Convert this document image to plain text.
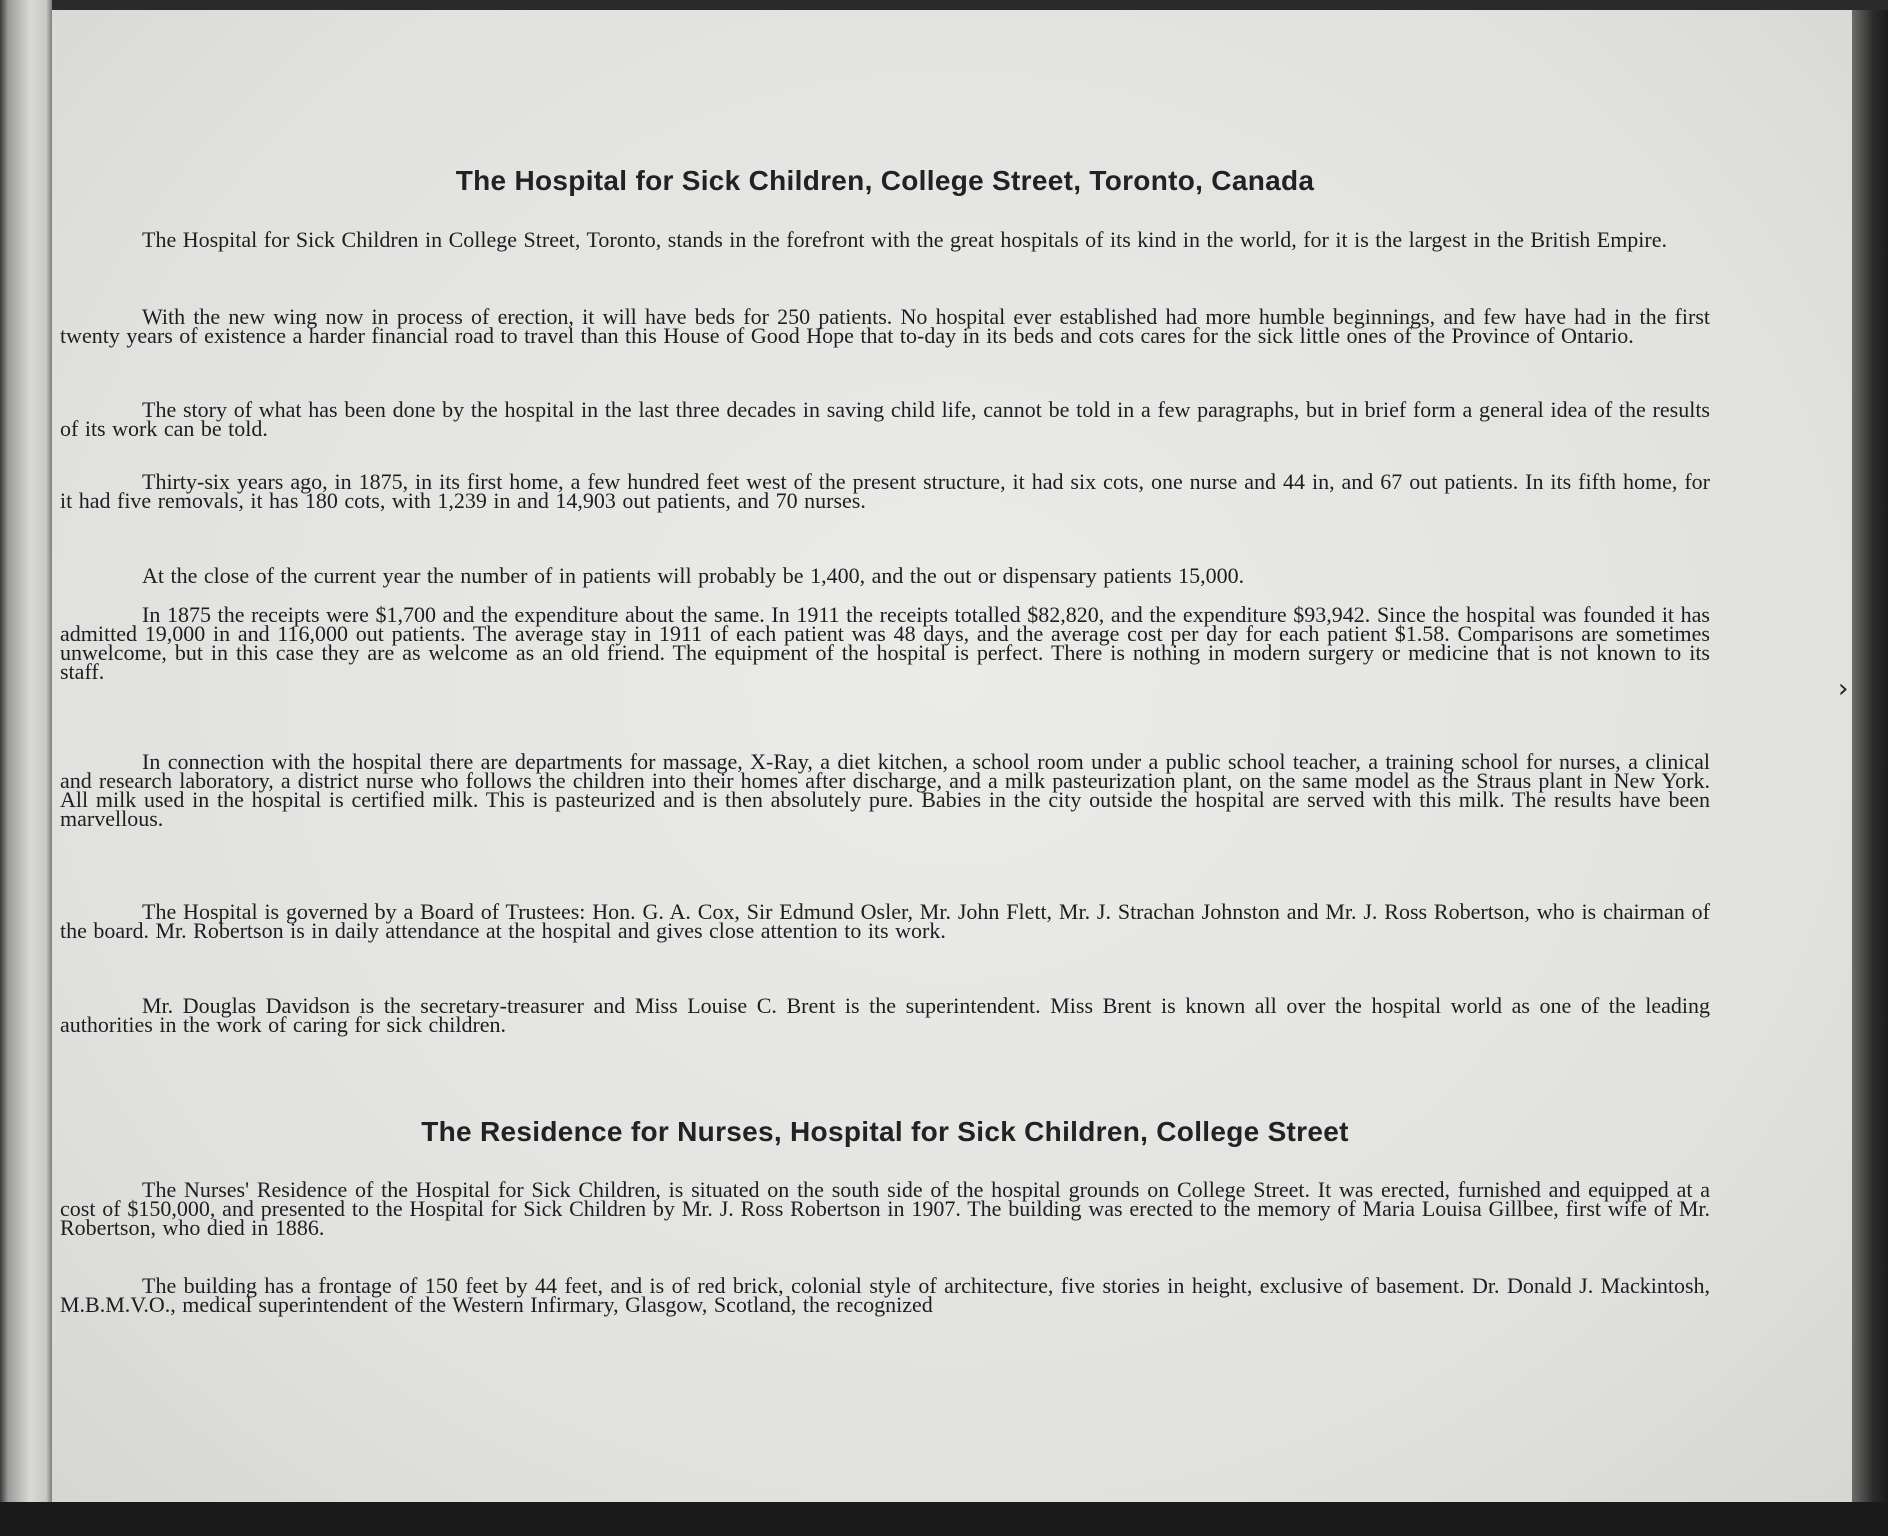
›
The Hospital for Sick Children, College Street, Toronto, Canada

The Hospital for Sick Children in College Street, Toronto, stands in the forefront with the great hospitals of its kind in the world, for it is the largest in the British Empire.

With the new wing now in process of erection, it will have beds for 250 patients. No hospital ever established had more humble beginnings, and few have had in the first twenty years of existence a harder financial road to travel than this House of Good Hope that to-day in its beds and cots cares for the sick little ones of the Province of Ontario.

The story of what has been done by the hospital in the last three decades in saving child life, cannot be told in a few paragraphs, but in brief form a general idea of the results of its work can be told.

Thirty-six years ago, in 1875, in its first home, a few hundred feet west of the present structure, it had six cots, one nurse and 44 in, and 67 out patients. In its fifth home, for it had five removals, it has 180 cots, with 1,239 in and 14,903 out patients, and 70 nurses.

At the close of the current year the number of in patients will probably be 1,400, and the out or dispensary patients 15,000.

In 1875 the receipts were $1,700 and the expenditure about the same. In 1911 the receipts totalled $82,820, and the expenditure $93,942. Since the hospital was founded it has admitted 19,000 in and 116,000 out patients. The average stay in 1911 of each patient was 48 days, and the average cost per day for each patient $1.58. Comparisons are sometimes unwelcome, but in this case they are as welcome as an old friend. The equipment of the hospital is perfect. There is nothing in modern surgery or medicine that is not known to its staff.

In connection with the hospital there are departments for massage, X-Ray, a diet kitchen, a school room under a public school teacher, a training school for nurses, a clinical and research laboratory, a district nurse who follows the children into their homes after discharge, and a milk pasteurization plant, on the same model as the Straus plant in New York. All milk used in the hospital is certified milk. This is pasteurized and is then absolutely pure. Babies in the city outside the hospital are served with this milk. The results have been marvellous.

The Hospital is governed by a Board of Trustees: Hon. G. A. Cox, Sir Edmund Osler, Mr. John Flett, Mr. J. Strachan Johnston and Mr. J. Ross Robertson, who is chairman of the board. Mr. Robertson is in daily attendance at the hospital and gives close attention to its work.

Mr. Douglas Davidson is the secretary-treasurer and Miss Louise C. Brent is the superintendent. Miss Brent is known all over the hospital world as one of the leading authorities in the work of caring for sick children.

The Residence for Nurses, Hospital for Sick Children, College Street

The Nurses' Residence of the Hospital for Sick Children, is situated on the south side of the hospital grounds on College Street. It was erected, furnished and equipped at a cost of $150,000, and presented to the Hospital for Sick Children by Mr. J. Ross Robertson in 1907. The building was erected to the memory of Maria Louisa Gillbee, first wife of Mr. Robertson, who died in 1886.

The building has a frontage of 150 feet by 44 feet, and is of red brick, colonial style of architecture, five stories in height, exclusive of basement. Dr. Donald J. Mackintosh, M.B.M.V.O., medical superintendent of the Western Infirmary, Glasgow, Scotland, the recognized
